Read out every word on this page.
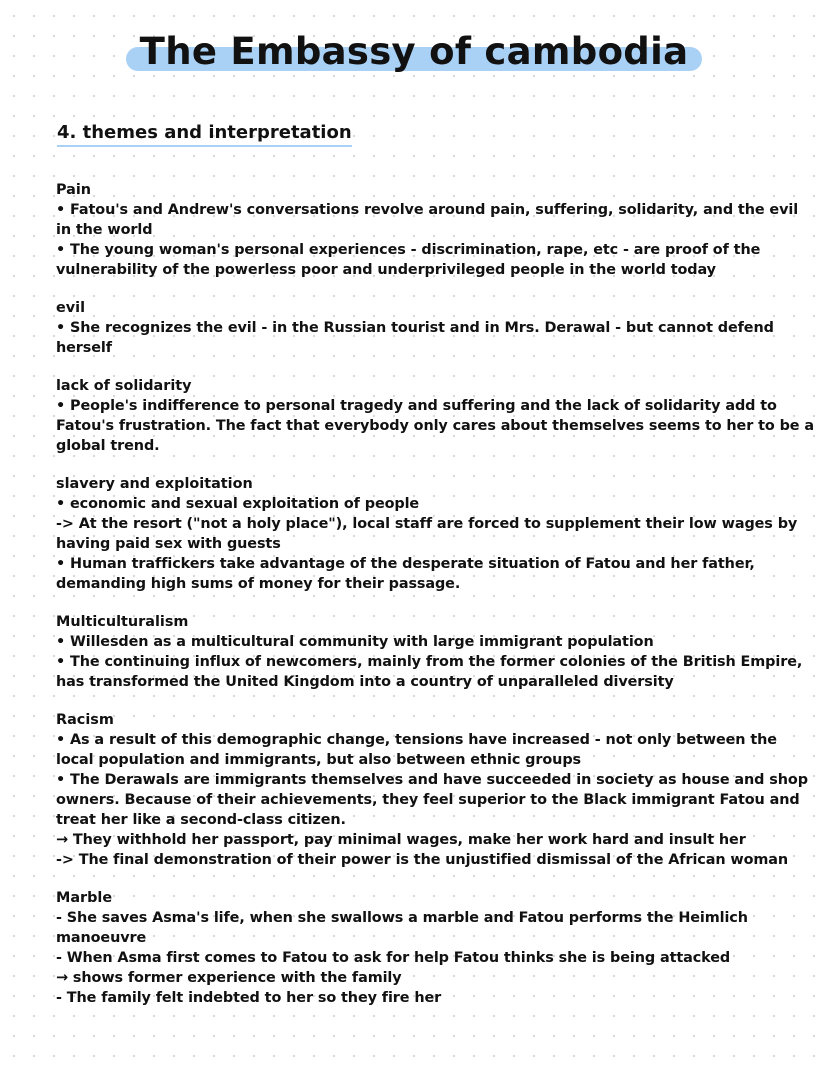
The Embassy of cambodia
4. themes and interpretation
Pain
• Fatou's and Andrew's conversations revolve around pain, suffering, solidarity, and the evil in the world
• The young woman's personal experiences - discrimination, rape, etc - are proof of the vulnerability of the powerless poor and underprivileged people in the world today
evil
• She recognizes the evil - in the Russian tourist and in Mrs. Derawal - but cannot defend herself
lack of solidarity
• People's indifference to personal tragedy and suffering and the lack of solidarity add to Fatou's frustration. The fact that everybody only cares about themselves seems to her to be a global trend.
slavery and exploitation
• economic and sexual exploitation of people
-> At the resort ("not a holy place"), local staff are forced to supplement their low wages by having paid sex with guests
• Human traffickers take advantage of the desperate situation of Fatou and her father, demanding high sums of money for their passage.
Multiculturalism
• Willesden as a multicultural community with large immigrant population
• The continuing influx of newcomers, mainly from the former colonies of the British Empire, has transformed the United Kingdom into a country of unparalleled diversity
Racism
• As a result of this demographic change, tensions have increased - not only between the local population and immigrants, but also between ethnic groups
• The Derawals are immigrants themselves and have succeeded in society as house and shop owners. Because of their achievements, they feel superior to the Black immigrant Fatou and treat her like a second-class citizen.
→ They withhold her passport, pay minimal wages, make her work hard and insult her
-> The final demonstration of their power is the unjustified dismissal of the African woman
Marble
- She saves Asma's life, when she swallows a marble and Fatou performs the Heimlich manoeuvre
- When Asma first comes to Fatou to ask for help Fatou thinks she is being attacked
→ shows former experience with the family
- The family felt indebted to her so they fire her
